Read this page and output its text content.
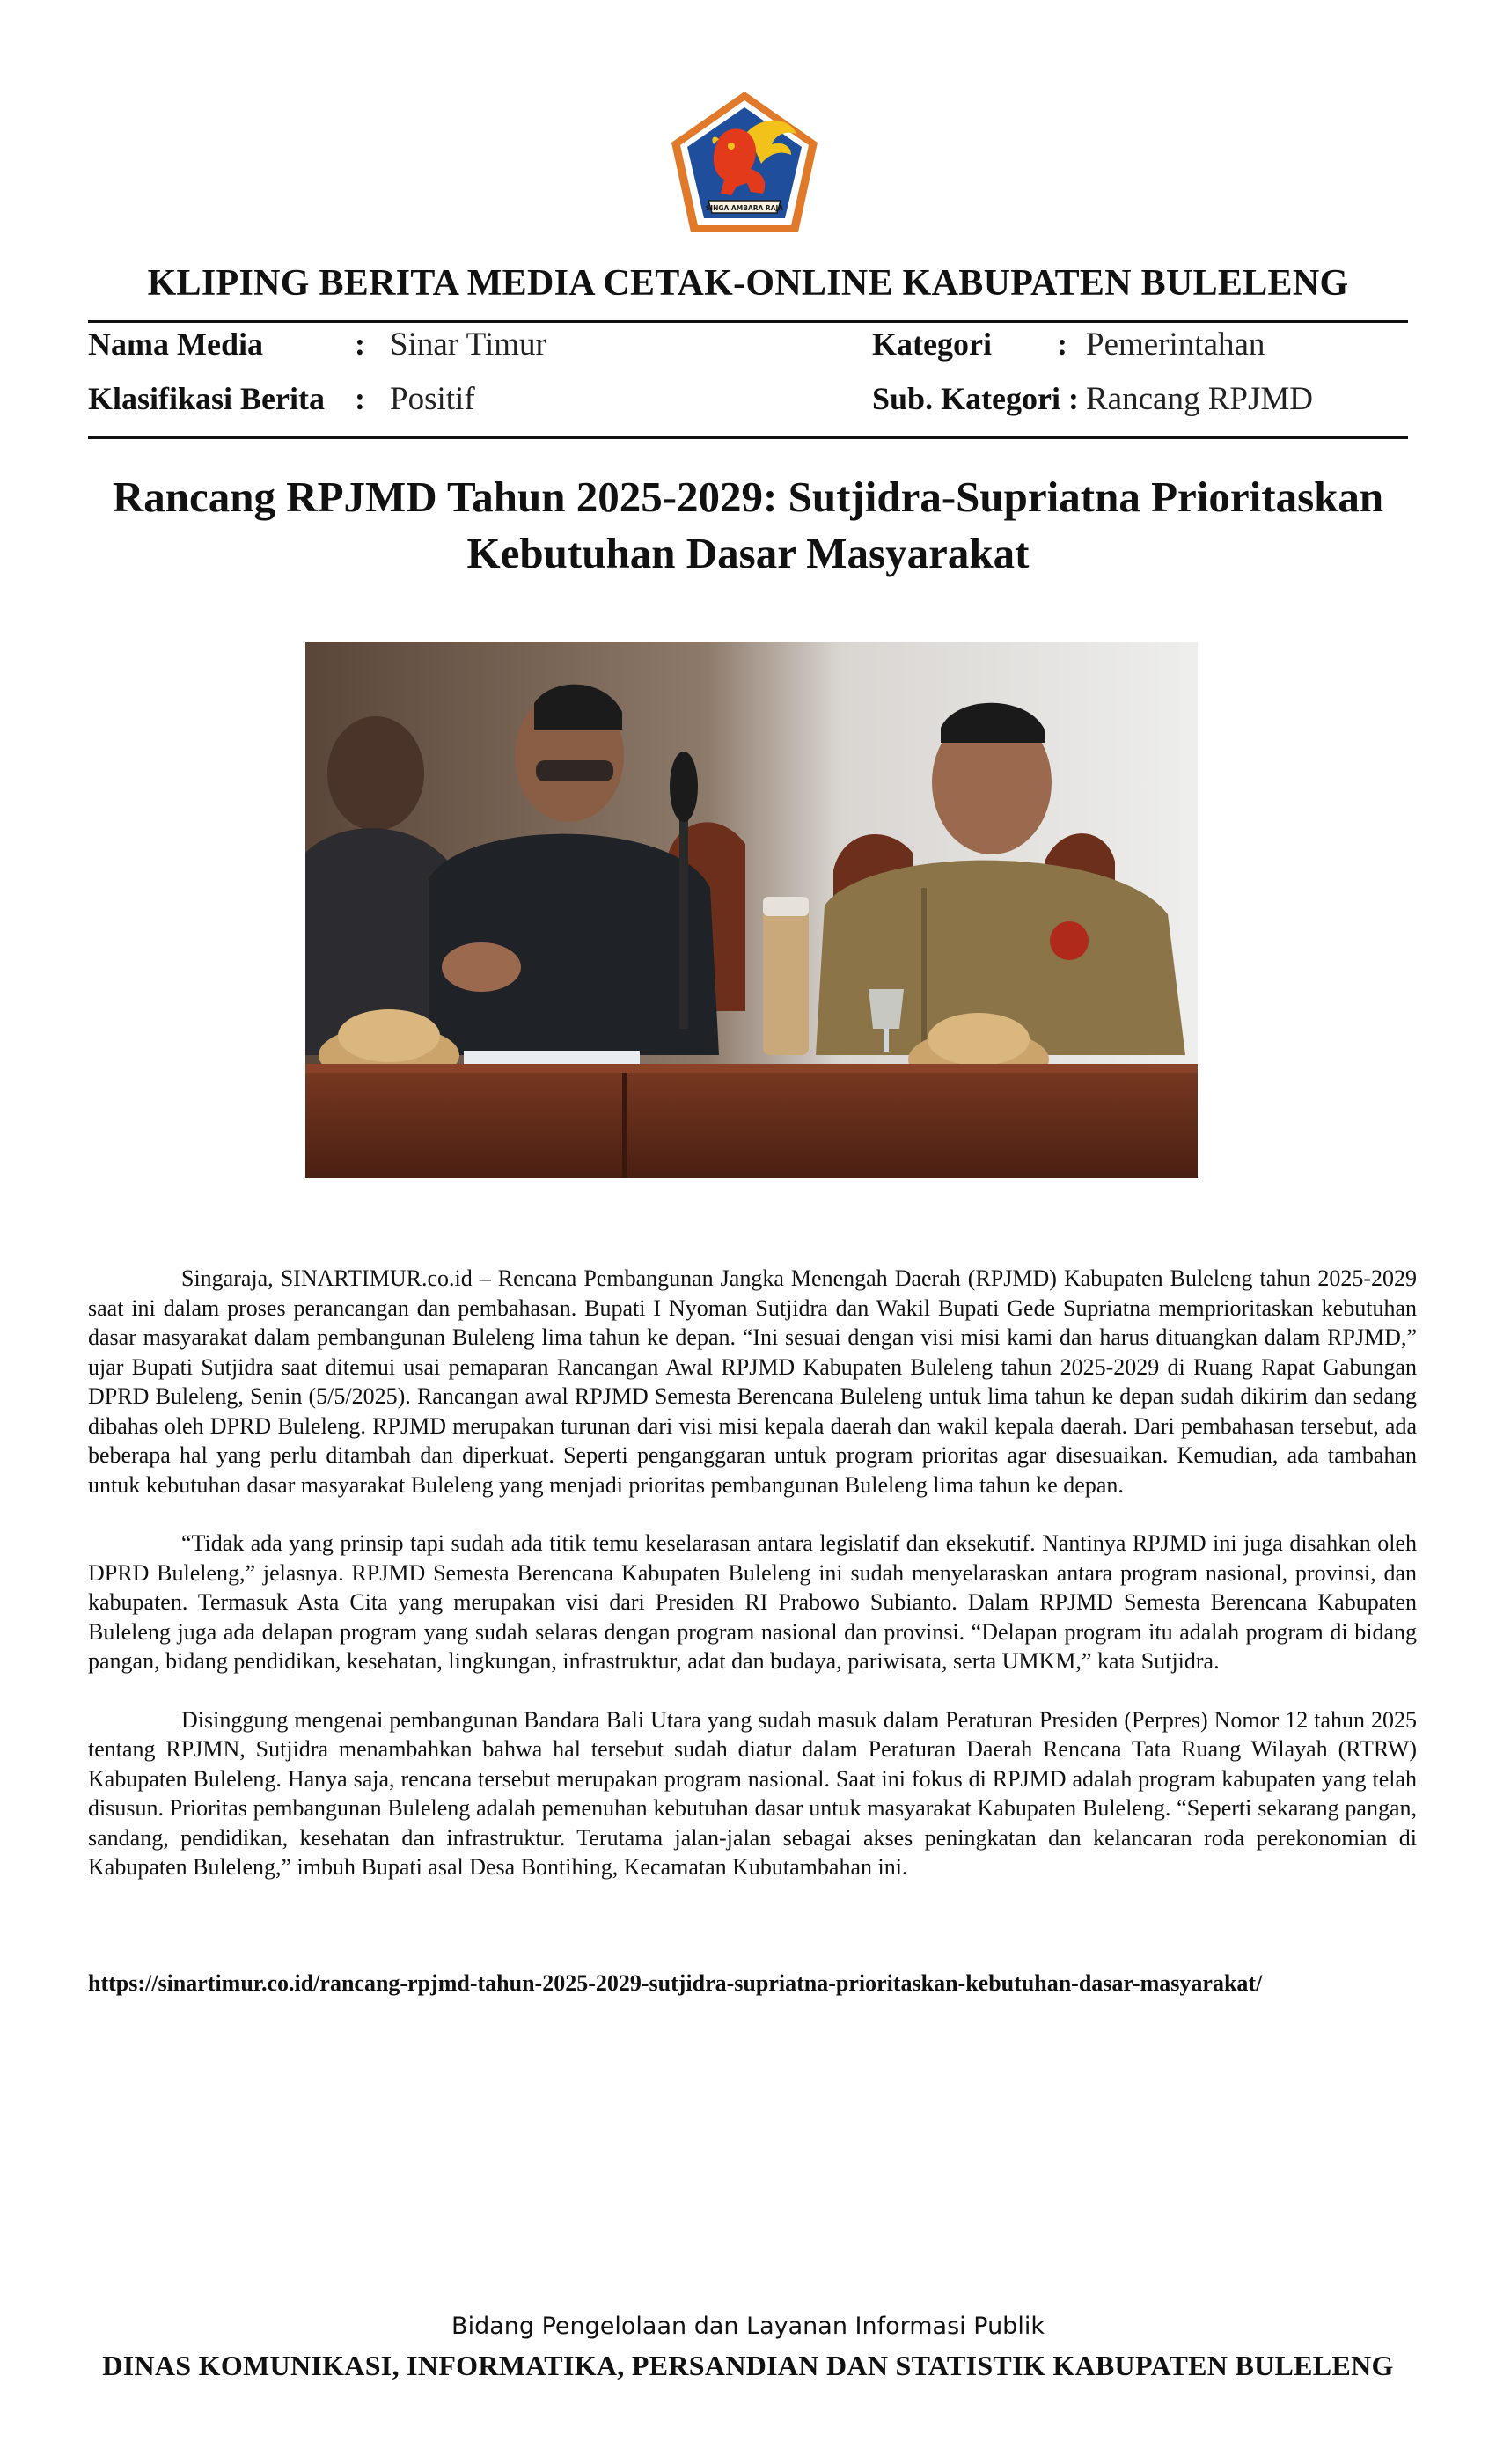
SINGA AMBARA RAJA
KLIPING BERITA MEDIA CETAK-ONLINE KABUPATEN BULELENG
Nama Media	: Sinar Timur	Kategori : Pemerintahan
Klasifikasi Berita : Positif	Sub. Kategori : Rancang RPJMD
Rancang RPJMD Tahun 2025-2029: Sutjidra-Supriatna Prioritaskan Kebutuhan Dasar Masyarakat

Singaraja, SINARTIMUR.co.id – Rencana Pembangunan Jangka Menengah Daerah (RPJMD) Kabupaten Buleleng tahun 2025-2029 saat ini dalam proses perancangan dan pembahasan. Bupati I Nyoman Sutjidra dan Wakil Bupati Gede Supriatna memprioritaskan kebutuhan dasar masyarakat dalam pembangunan Buleleng lima tahun ke depan. “Ini sesuai dengan visi misi kami dan harus dituangkan dalam RPJMD,” ujar Bupati Sutjidra saat ditemui usai pemaparan Rancangan Awal RPJMD Kabupaten Buleleng tahun 2025-2029 di Ruang Rapat Gabungan DPRD Buleleng, Senin (5/5/2025). Rancangan awal RPJMD Semesta Berencana Buleleng untuk lima tahun ke depan sudah dikirim dan sedang dibahas oleh DPRD Buleleng. RPJMD merupakan turunan dari visi misi kepala daerah dan wakil kepala daerah. Dari pembahasan tersebut, ada beberapa hal yang perlu ditambah dan diperkuat. Seperti penganggaran untuk program prioritas agar disesuaikan. Kemudian, ada tambahan untuk kebutuhan dasar masyarakat Buleleng yang menjadi prioritas pembangunan Buleleng lima tahun ke depan.

“Tidak ada yang prinsip tapi sudah ada titik temu keselarasan antara legislatif dan eksekutif. Nantinya RPJMD ini juga disahkan oleh DPRD Buleleng,” jelasnya. RPJMD Semesta Berencana Kabupaten Buleleng ini sudah menyelaraskan antara program nasional, provinsi, dan kabupaten. Termasuk Asta Cita yang merupakan visi dari Presiden RI Prabowo Subianto. Dalam RPJMD Semesta Berencana Kabupaten Buleleng juga ada delapan program yang sudah selaras dengan program nasional dan provinsi. “Delapan program itu adalah program di bidang pangan, bidang pendidikan, kesehatan, lingkungan, infrastruktur, adat dan budaya, pariwisata, serta UMKM,” kata Sutjidra.

Disinggung mengenai pembangunan Bandara Bali Utara yang sudah masuk dalam Peraturan Presiden (Perpres) Nomor 12 tahun 2025 tentang RPJMN, Sutjidra menambahkan bahwa hal tersebut sudah diatur dalam Peraturan Daerah Rencana Tata Ruang Wilayah (RTRW) Kabupaten Buleleng. Hanya saja, rencana tersebut merupakan program nasional. Saat ini fokus di RPJMD adalah program kabupaten yang telah disusun. Prioritas pembangunan Buleleng adalah pemenuhan kebutuhan dasar untuk masyarakat Kabupaten Buleleng. “Seperti sekarang pangan, sandang, pendidikan, kesehatan dan infrastruktur. Terutama jalan-jalan sebagai akses peningkatan dan kelancaran roda perekonomian di Kabupaten Buleleng,” imbuh Bupati asal Desa Bontihing, Kecamatan Kubutambahan ini.

https://sinartimur.co.id/rancang-rpjmd-tahun-2025-2029-sutjidra-supriatna-prioritaskan-kebutuhan-dasar-masyarakat/
Bidang Pengelolaan dan Layanan Informasi Publik
DINAS KOMUNIKASI, INFORMATIKA, PERSANDIAN DAN STATISTIK KABUPATEN BULELENG
